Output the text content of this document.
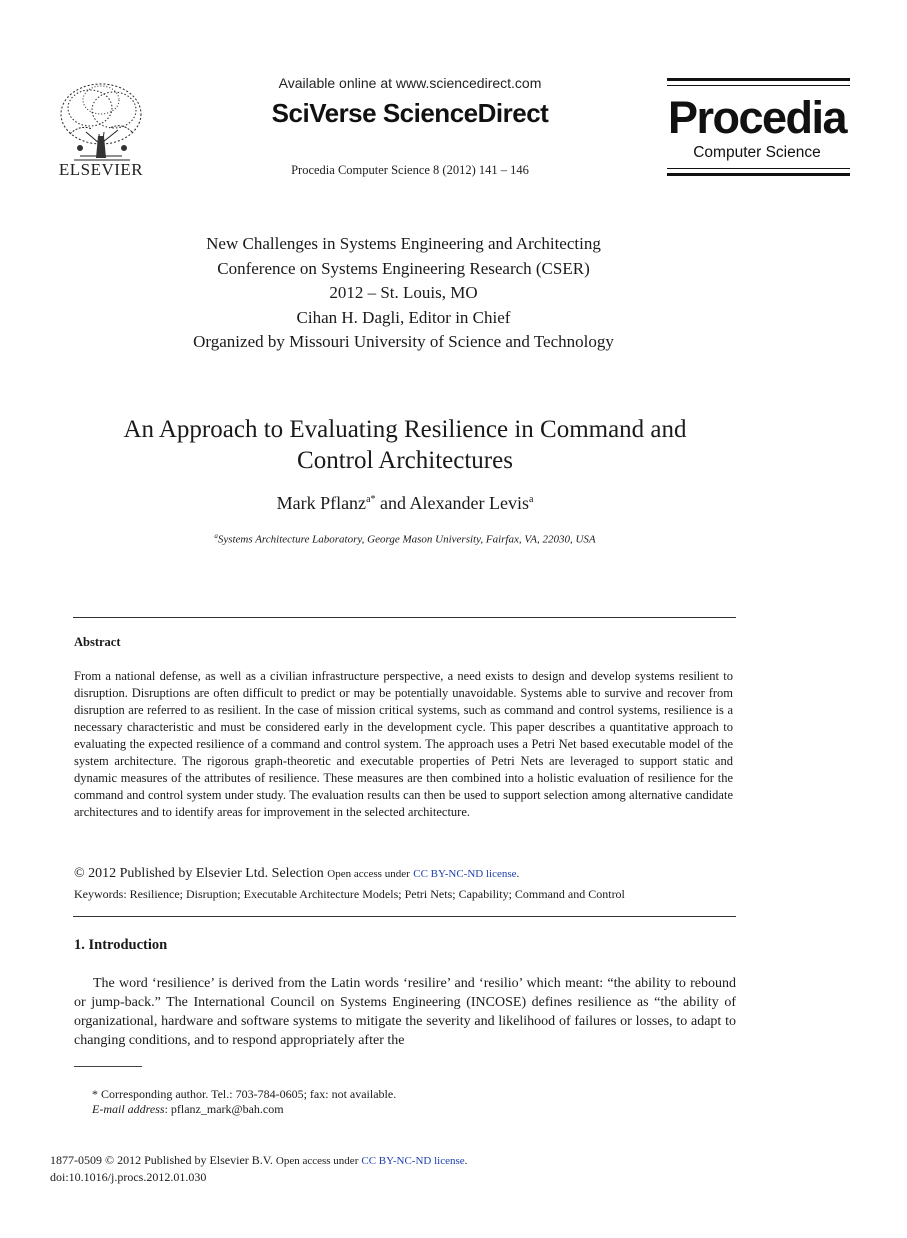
ELSEVIER
Available online at www.sciencedirect.com
SciVerse ScienceDirect
Procedia Computer Science 8 (2012) 141 – 146
Procedia
Computer Science
New Challenges in Systems Engineering and Architecting
Conference on Systems Engineering Research (CSER)
2012 – St. Louis, MO
Cihan H. Dagli, Editor in Chief
Organized by Missouri University of Science and Technology
An Approach to Evaluating Resilience in Command and
Control Architectures
Mark Pflanz$^{a*}$ and Alexander Levis$^a$
$^a$Systems Architecture Laboratory, George Mason University, Fairfax, VA, 22030, USA
Abstract
From a national defense, as well as a civilian infrastructure perspective, a need exists to design and develop systems resilient to disruption. Disruptions are often difficult to predict or may be potentially unavoidable. Systems able to survive and recover from disruption are referred to as resilient. In the case of mission critical systems, such as command and control systems, resilience is a necessary characteristic and must be considered early in the development cycle. This paper describes a quantitative approach to evaluating the expected resilience of a command and control system. The approach uses a Petri Net based executable model of the system architecture. The rigorous graph-theoretic and executable properties of Petri Nets are leveraged to support static and dynamic measures of the attributes of resilience. These measures are then combined into a holistic evaluation of resilience for the command and control system under study. The evaluation results can then be used to support selection among alternative candidate architectures and to identify areas for improvement in the selected architecture.
© 2012 Published by Elsevier Ltd. Selection Open access under CC BY-NC-ND license.
Keywords: Resilience; Disruption; Executable Architecture Models; Petri Nets; Capability; Command and Control
1. Introduction
The word ‘resilience’ is derived from the Latin words ‘resilire’ and ‘resilio’ which meant: “the ability to rebound or jump-back.” The International Council on Systems Engineering (INCOSE) defines resilience as “the ability of organizational, hardware and software systems to mitigate the severity and likelihood of failures or losses, to adapt to changing conditions, and to respond appropriately after the
* Corresponding author. Tel.: 703-784-0605; fax: not available.
E-mail address: pflanz_mark@bah.com
1877-0509 © 2012 Published by Elsevier B.V. Open access under CC BY-NC-ND license.
doi:10.1016/j.procs.2012.01.030
